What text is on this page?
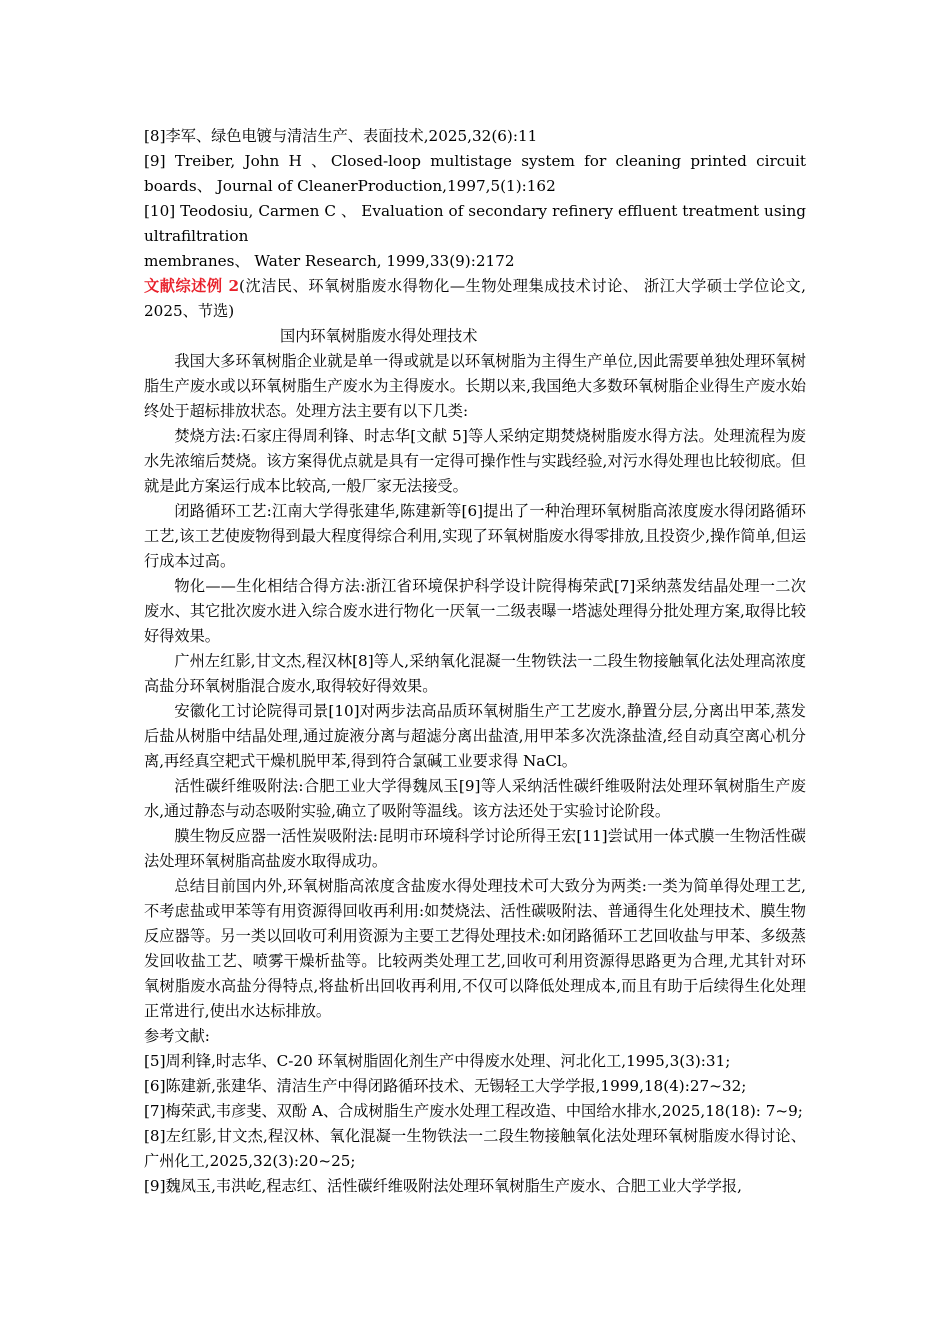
[8]李军、绿色电镀与清洁生产、表面技术,2025,32(6):11

[9] Treiber, John H 、Closed-loop multistage system for cleaning printed circuit boards、 Journal of CleanerProduction,1997,5(1):162

[10] Teodosiu, Carmen C 、 Evaluation of secondary refinery effluent treatment using ultrafiltration

membranes、 Water Research, 1999,33(9):2172

文献综述例 2(沈洁民、环氧树脂废水得物化—生物处理集成技术讨论、 浙江大学硕士学位论文, 2025、节选)

国内环氧树脂废水得处理技术

我国大多环氧树脂企业就是单一得或就是以环氧树脂为主得生产单位,因此需要单独处理环氧树脂生产废水或以环氧树脂生产废水为主得废水。长期以来,我国绝大多数环氧树脂企业得生产废水始终处于超标排放状态。处理方法主要有以下几类:

焚烧方法:石家庄得周利锋、时志华[文献 5]等人采纳定期焚烧树脂废水得方法。处理流程为废水先浓缩后焚烧。该方案得优点就是具有一定得可操作性与实践经验,对污水得处理也比较彻底。但就是此方案运行成本比较高,一般厂家无法接受。

闭路循环工艺:江南大学得张建华,陈建新等[6]提出了一种治理环氧树脂高浓度废水得闭路循环工艺,该工艺使废物得到最大程度得综合利用,实现了环氧树脂废水得零排放,且投资少,操作简单,但运行成本过高。

物化——生化相结合得方法:浙江省环境保护科学设计院得梅荣武[7]采纳蒸发结晶处理一二次废水、其它批次废水进入综合废水进行物化一厌氧一二级表曝一塔滤处理得分批处理方案,取得比较好得效果。

广州左红影,甘文杰,程汉林[8]等人,采纳氧化混凝一生物铁法一二段生物接触氧化法处理高浓度高盐分环氧树脂混合废水,取得较好得效果。

安徽化工讨论院得司景[10]对两步法高品质环氧树脂生产工艺废水,静置分层,分离出甲苯,蒸发后盐从树脂中结晶处理,通过旋液分离与超滤分离出盐渣,用甲苯多次洗涤盐渣,经自动真空离心机分离,再经真空耙式干燥机脱甲苯,得到符合氯碱工业要求得 NaCl。

活性碳纤维吸附法:合肥工业大学得魏凤玉[9]等人采纳活性碳纤维吸附法处理环氧树脂生产废水,通过静态与动态吸附实验,确立了吸附等温线。该方法还处于实验讨论阶段。

膜生物反应器一活性炭吸附法:昆明市环境科学讨论所得王宏[11]尝试用一体式膜一生物活性碳法处理环氧树脂高盐废水取得成功。

总结目前国内外,环氧树脂高浓度含盐废水得处理技术可大致分为两类:一类为简单得处理工艺,不考虑盐或甲苯等有用资源得回收再利用:如焚烧法、活性碳吸附法、普通得生化处理技术、膜生物反应器等。另一类以回收可利用资源为主要工艺得处理技术:如闭路循环工艺回收盐与甲苯、多级蒸发回收盐工艺、喷雾干燥析盐等。比较两类处理工艺,回收可利用资源得思路更为合理,尤其针对环氧树脂废水高盐分得特点,将盐析出回收再利用,不仅可以降低处理成本,而且有助于后续得生化处理正常进行,使出水达标排放。

参考文献:

[5]周利锋,时志华、C-20 环氧树脂固化剂生产中得废水处理、河北化工,1995,3(3):31;

[6]陈建新,张建华、清洁生产中得闭路循环技术、无锡轻工大学学报,1999,18(4):27~32;

[7]梅荣武,韦彦斐、双酚 A、合成树脂生产废水处理工程改造、中国给水排水,2025,18(18): 7~9;

[8]左红影,甘文杰,程汉林、氧化混凝一生物铁法一二段生物接触氧化法处理环氧树脂废水得讨论、广州化工,2025,32(3):20~25;

[9]魏凤玉,韦洪屹,程志红、活性碳纤维吸附法处理环氧树脂生产废水、合肥工业大学学报,
